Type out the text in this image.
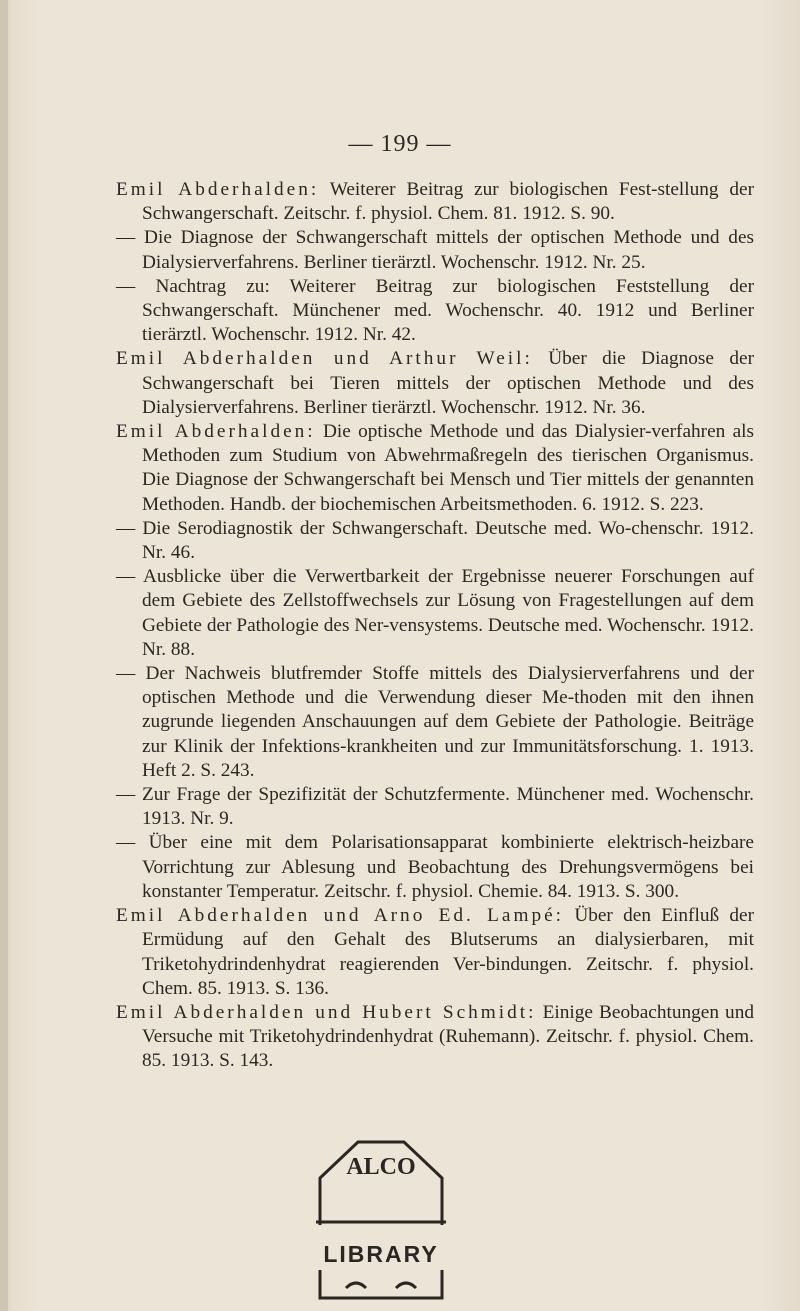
— 199 —

Emil Abderhalden: Weiterer Beitrag zur biologischen Fest-stellung der Schwangerschaft. Zeitschr. f. physiol. Chem. 81. 1912. S. 90.

— Die Diagnose der Schwangerschaft mittels der optischen Methode und des Dialysierverfahrens. Berliner tierärztl. Wochenschr. 1912. Nr. 25.

— Nachtrag zu: Weiterer Beitrag zur biologischen Feststellung der Schwangerschaft. Münchener med. Wochenschr. 40. 1912 und Berliner tierärztl. Wochenschr. 1912. Nr. 42.

Emil Abderhalden und Arthur Weil: Über die Diagnose der Schwangerschaft bei Tieren mittels der optischen Methode und des Dialysierverfahrens. Berliner tierärztl. Wochenschr. 1912. Nr. 36.

Emil Abderhalden: Die optische Methode und das Dialysier-verfahren als Methoden zum Studium von Abwehrmaßregeln des tierischen Organismus. Die Diagnose der Schwangerschaft bei Mensch und Tier mittels der genannten Methoden. Handb. der biochemischen Arbeitsmethoden. 6. 1912. S. 223.

— Die Serodiagnostik der Schwangerschaft. Deutsche med. Wo-chenschr. 1912. Nr. 46.

— Ausblicke über die Verwertbarkeit der Ergebnisse neuerer Forschungen auf dem Gebiete des Zellstoffwechsels zur Lösung von Fragestellungen auf dem Gebiete der Pathologie des Ner-vensystems. Deutsche med. Wochenschr. 1912. Nr. 88.

— Der Nachweis blutfremder Stoffe mittels des Dialysierverfahrens und der optischen Methode und die Verwendung dieser Me-thoden mit den ihnen zugrunde liegenden Anschauungen auf dem Gebiete der Pathologie. Beiträge zur Klinik der Infektions-krankheiten und zur Immunitätsforschung. 1. 1913. Heft 2. S. 243.

— Zur Frage der Spezifizität der Schutzfermente. Münchener med. Wochenschr. 1913. Nr. 9.

— Über eine mit dem Polarisationsapparat kombinierte elektrisch-heizbare Vorrichtung zur Ablesung und Beobachtung des Drehungsvermögens bei konstanter Temperatur. Zeitschr. f. physiol. Chemie. 84. 1913. S. 300.

Emil Abderhalden und Arno Ed. Lampé: Über den Einfluß der Ermüdung auf den Gehalt des Blutserums an dialysierbaren, mit Triketohydrindenhydrat reagierenden Ver-bindungen. Zeitschr. f. physiol. Chem. 85. 1913. S. 136.

Emil Abderhalden und Hubert Schmidt: Einige Beobachtungen und Versuche mit Triketohydrindenhydrat (Ruhemann). Zeitschr. f. physiol. Chem. 85. 1913. S. 143.

ALCO
LIBRARY
